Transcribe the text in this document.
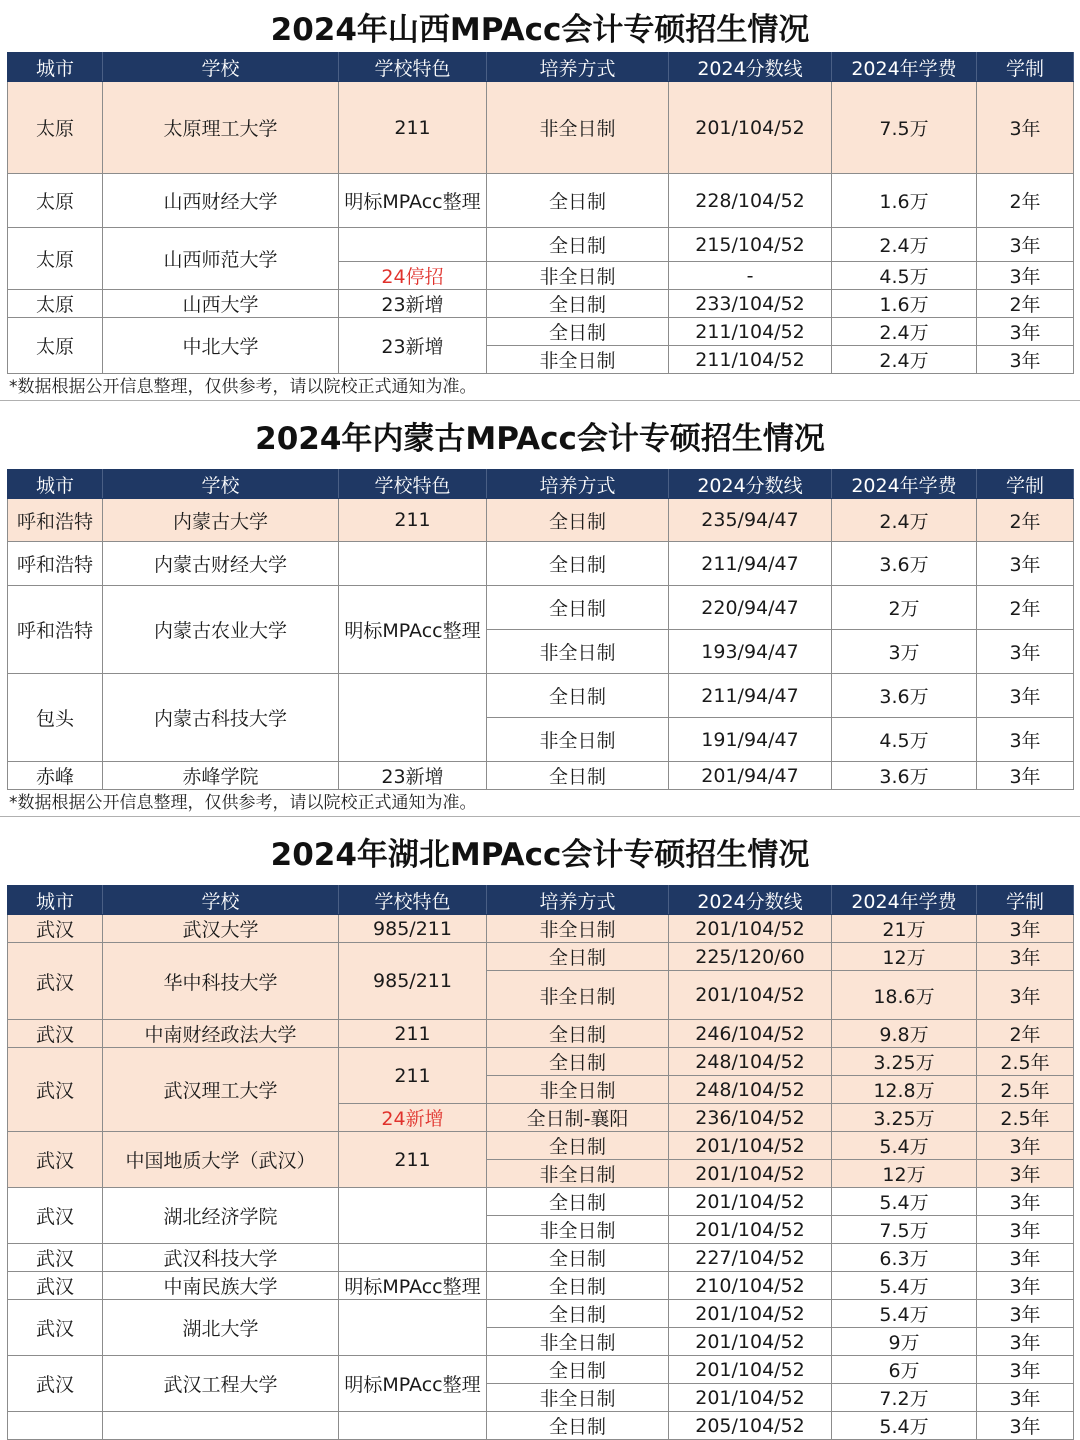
2024年山西MPAcc会计专硕招生情况
城市	学校	学校特色	培养方式	2024分数线	2024年学费	学制
太原	太原理工大学	211	非全日制	201/104/52	7.5万	3年
太原	山西财经大学	明标MPAcc整理	全日制	228/104/52	1.6万	2年
太原	山西师范大学		全日制	215/104/52	2.4万	3年
		24停招	非全日制	-	4.5万	3年
太原	山西大学	23新增	全日制	233/104/52	1.6万	2年
太原	中北大学	23新增	全日制	211/104/52	2.4万	3年
			非全日制	211/104/52	2.4万	3年
*数据根据公开信息整理，仅供参考，请以院校正式通知为准。
2024年内蒙古MPAcc会计专硕招生情况
城市	学校	学校特色	培养方式	2024分数线	2024年学费	学制
呼和浩特	内蒙古大学	211	全日制	235/94/47	2.4万	2年
呼和浩特	内蒙古财经大学		全日制	211/94/47	3.6万	3年
呼和浩特	内蒙古农业大学	明标MPAcc整理	全日制	220/94/47	2万	2年
			非全日制	193/94/47	3万	3年
包头	内蒙古科技大学		全日制	211/94/47	3.6万	3年
			非全日制	191/94/47	4.5万	3年
赤峰	赤峰学院	23新增	全日制	201/94/47	3.6万	3年
*数据根据公开信息整理，仅供参考，请以院校正式通知为准。
2024年湖北MPAcc会计专硕招生情况
城市	学校	学校特色	培养方式	2024分数线	2024年学费	学制
武汉	武汉大学	985/211	非全日制	201/104/52	21万	3年
武汉	华中科技大学	985/211	全日制	225/120/60	12万	3年
			非全日制	201/104/52	18.6万	3年
武汉	中南财经政法大学	211	全日制	246/104/52	9.8万	2年
武汉	武汉理工大学	211	全日制	248/104/52	3.25万	2.5年
			非全日制	248/104/52	12.8万	2.5年
		24新增	全日制-襄阳	236/104/52	3.25万	2.5年
武汉	中国地质大学（武汉）	211	全日制	201/104/52	5.4万	3年
			非全日制	201/104/52	12万	3年
武汉	湖北经济学院		全日制	201/104/52	5.4万	3年
			非全日制	201/104/52	7.5万	3年
武汉	武汉科技大学		全日制	227/104/52	6.3万	3年
武汉	中南民族大学	明标MPAcc整理	全日制	210/104/52	5.4万	3年
武汉	湖北大学		全日制	201/104/52	5.4万	3年
			非全日制	201/104/52	9万	3年
武汉	武汉工程大学	明标MPAcc整理	全日制	201/104/52	6万	3年
			非全日制	201/104/52	7.2万	3年
			全日制	205/104/52	5.4万	3年
